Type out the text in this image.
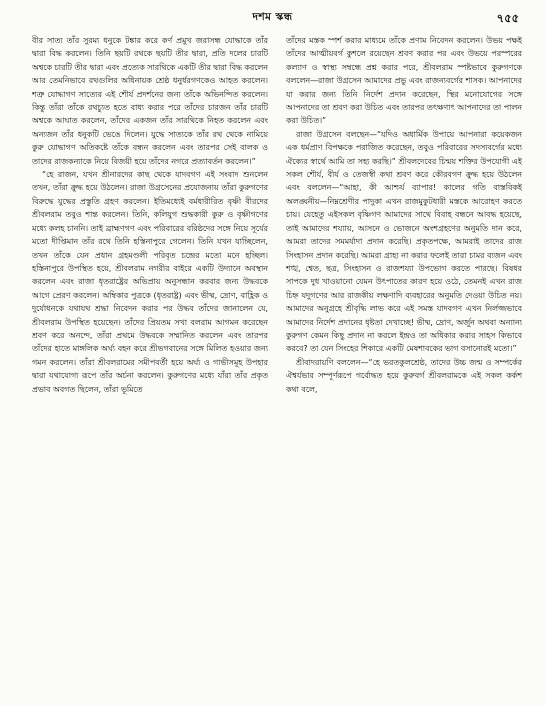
দশম স্কন্ধ	৭৫৫

বীর সাত্য তাঁর সুরম্য ধনুকে টঙ্কার করে কর্ণ প্রমুখ জরাসন্ধ যোদ্ধাকে তাঁর দ্বারা বিদ্ধ করলেন। তিনি ছয়টি রথকে ছয়টি তীর দ্বারা, প্রতি দলের চারটি অশ্বকে চারটি তীর দ্বারা এবং প্রত্যেক সারথিকে একটি তীর দ্বারা বিদ্ধ করলেন আর তেমনিভাবে রথগুলির অধিনায়ক শ্রেষ্ঠ ধনুর্ধরগণকেও আহত করলেন। শত্রু যোদ্ধাগণ সাত্যের এই শৌর্য প্রদর্শনের জন্য তাঁকে অভিনন্দিত করলেন। কিন্তু তাঁরা তাঁকে রথচ্যুত হতে বাধ্য করার পরে তাঁদের চারজন তাঁর চারটি অশ্বকে আঘাত করলেন, তাঁদের একজন তাঁর সারথিকে নিহত করলেন এবং অন্যজন তাঁর ধনুকটি ভেঙে দিলেন। যুদ্ধে সাত্যকে তাঁর রথ থেকে নামিয়ে কুরু যোদ্ধাগণ অতিকষ্টে তাঁকে বন্ধন করলেন এবং তারপর সেই বালক ও তাদের রাজকন্যাকে নিয়ে বিজয়ী হয়ে তাঁদের নগরে প্রত্যাবর্তন করলেন।”

“হে রাজন, যখন শ্রীনারদের কাছ থেকে যাদবগণ এই সংবাদ শুনলেন তখন, তাঁরা ক্রুদ্ধ হয়ে উঠলেন। রাজা উগ্রসেনের প্রযোজনায় তাঁরা কুরুগণের বিরুদ্ধে যুদ্ধের প্রস্তুতি গ্রহণ করলেন। ইতিমধ্যেই বর্মধারীরিত বৃষ্ণী বীরদের শ্রীবলরাম তবুও শান্ত করলেন। তিনি, কলিযুগ শুদ্ধকারী কুরু ও বৃষ্ণীগণের মধ্যে কলহ চাননি। তাই ব্রাহ্মণগণ এবং পরিবারের বরিষ্ঠদের সঙ্গে নিয়ে সূর্যের মতো দীপ্তিমান তাঁর রথে তিনি হস্তিনাপুরে গেলেন। তিনি যখন যাচ্ছিলেন, তখন তাঁকে যেন প্রধান গ্রহমণ্ডলী পরিবৃত চন্দ্রের মতো মনে হচ্ছিল। হস্তিনাপুরে উপস্থিত হয়ে, শ্রীবলরাম নগরীর বাইরে একটি উদ্যানে অবস্থান করলেন এবং রাজা ধৃতরাষ্ট্রের অভিপ্রায় অনুসন্ধান করবার জন্য উদ্ধবকে আগে প্রেরণ করলেন। অম্বিকার পুত্রকে (ধৃতরাষ্ট্র) এবং ভীষ্ম, দ্রোণ, বাহ্লিক ও দুর্যোধনকে যথাযথ শ্রদ্ধা নিবেদন করার পর উদ্ধব তাঁদের জানালেন যে, শ্রীবলরাম উপস্থিত হয়েছেন। তাঁদের প্রিয়তম সখা বলরাম আগমন করেছেন শ্রবণ করে অনন্দে, তাঁরা প্রথমে উদ্ধবকে সম্মানিত করলেন এবং তারপর তাঁদের হাতে মাঙ্গলিক অর্ঘ্য বহন করে শ্রীভগবানের সঙ্গে মিলিত হওয়ার জন্য গমন করলেন। তাঁরা শ্রীবলরামের সমীপবর্তী হয়ে অর্ঘ্য ও গাভীসমূহ উপহার দ্বারা যথাযোগ্য রূপে তাঁর অর্চনা করলেন। কুরুগণের মধ্যে যাঁরা তাঁর প্রকৃত প্রভাব অবগত ছিলেন, তাঁরা ভূমিতে

তাঁদের মস্তক স্পর্শ করার মাধ্যমে তাঁকে প্রণাম নিবেদন করলেন। উভয় পক্ষই তাঁদের আত্মীয়বর্গ কুশলে রয়েছেন শ্রবণ করার পর এবং উভয়ে পরস্পরের কল্যাণ ও স্বাস্থ্য সম্বন্ধে প্রশ্ন করার পরে, শ্রীবলরাম স্পষ্টভাবে কুরুগণকে বললেন—রাজা উগ্রসেন আমাদের প্রভু এবং রাজন্যবর্গের শাসক। আপনাদের যা করার জন্য তিনি নির্দেশ প্রদান করেছেন, স্থির মনোযোগের সঙ্গে আপনাদের তা শ্রবণ করা উচিত এবং তারপর তৎক্ষণাৎ আপনাদের তা পালন করা উচিত।”

রাজা উগ্রসেন বলছেন—“যদিও অধার্মিক উপায়ে আপনারা কয়েকজন এক ধর্মপ্রাণ বিপক্ষকে পরাজিত করেছেন, তবুও পরিবারের সদস্যবর্গের মধ্যে ঐক্যের স্বার্থে আমি তা সহ্য করছি।” শ্রীবলদেবের চিন্ময় শক্তির উপযোগী এই সকল শৌর্য, বীর্য ও তেজস্বী কথা শ্রবণ করে কৌরবগণ ক্রুদ্ধ হয়ে উঠলেন এবং বললেন—“আহা, কী আশ্চর্য ব্যাপার! কালের গতি বাস্তবিকই অলঙ্ঘনীয়—নিম্নশ্রেণীর পাদুকা এখন রাজমুকুটধারী মস্তকে আরোহণ করতে চায়। যেহেতু এইসকল বৃষ্ণিগণ আমাদের সাথে বিবাহ বন্ধনে আবদ্ধ হয়েছে, তাই আমাদের শয্যায়, আসনে ও ভোজনে অংশগ্রহণের অনুমতি দান করে, আমরা তাদের সমমর্যাদা প্রদান করেছি। প্রকৃতপক্ষে, আমরাই তাদের রাজ সিংহাসন প্রদান করেছি। আমরা গ্রাহ্য না করার ফলেই তারা চামর ব্যজন এবং শঙ্খ, শ্বেত, ছত্র, সিংহাসন ও রাজশয্যা উপভোগ করতে পারছে। বিষধর সাপকে দুধ খাওয়ানো যেমন উৎপাতের কারণ হয়ে ওঠে, তেমনই এখন রাজ চিহ্ন যদুগণের আর রাজকীয় লক্ষণাদি ব্যবহারের অনুমতি দেওয়া উচিত নয়। আমাদের অনুগ্রহে শ্রীবৃদ্ধি লাভ করে এই সমস্ত যাদবগণ এখন নির্লজ্জভাবে আমাদের নির্দেশ প্রদানের ধৃষ্টতা দেখাচ্ছে! ভীষ্ম, দ্রোণ, অর্জুন অথবা অন্যান্য কুরুগণ কেমন কিছু প্রদান না করলে ইন্দ্রও তা অধিকার করার সাহস কিভাবে করবে? তা যেন সিংহের শিকারে একটি মেষশাবকের ভাগ বসানোরই মতো।”

শ্রীবাদরায়ণি বললেন—“হে ভরতকুলশ্রেষ্ঠ, তাদের উচ্চ জন্ম ও সম্পর্কের ঐশ্বর্যভার সম্পূর্ণরূপে গর্বোদ্ধত হয়ে কুরুবর্গ শ্রীবলরামকে এই সকল কর্কশ কথা বলে,
